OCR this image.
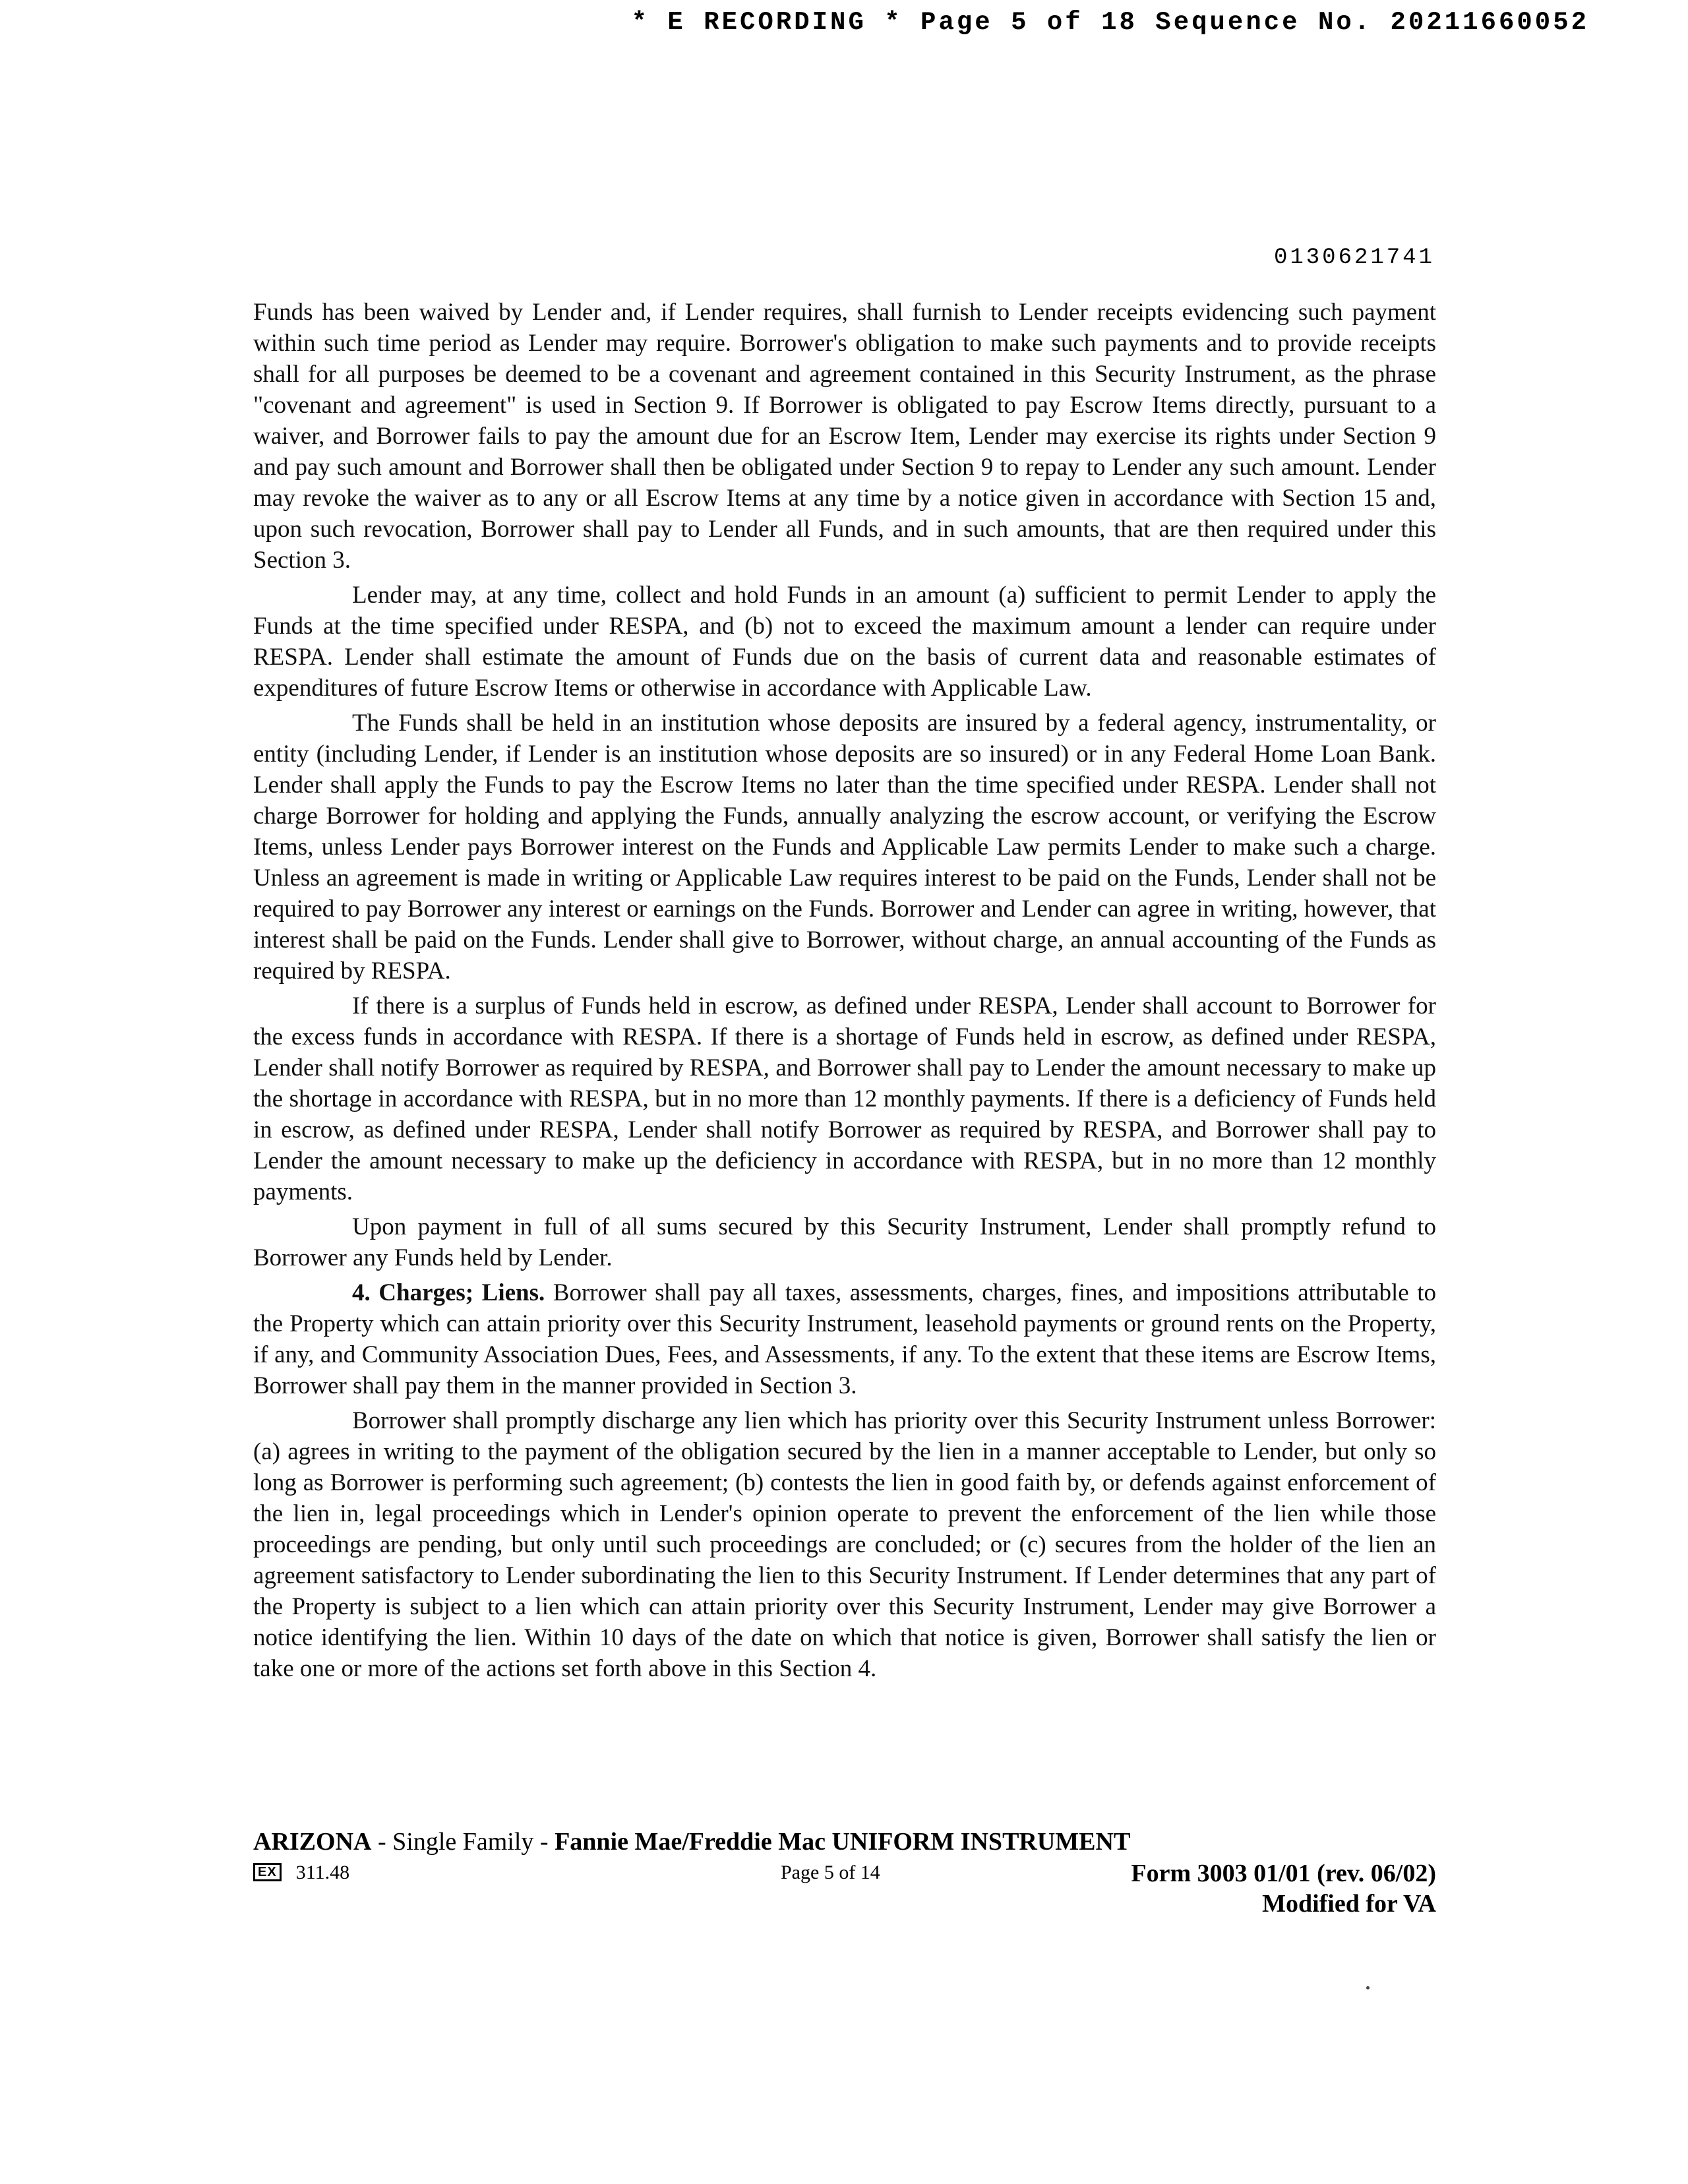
* E RECORDING * Page 5 of 18 Sequence No. 20211660052
0130621741

Funds has been waived by Lender and, if Lender requires, shall furnish to Lender receipts evidencing such payment within such time period as Lender may require. Borrower's obligation to make such payments and to provide receipts shall for all purposes be deemed to be a covenant and agreement contained in this Security Instrument, as the phrase "covenant and agreement" is used in Section 9. If Borrower is obligated to pay Escrow Items directly, pursuant to a waiver, and Borrower fails to pay the amount due for an Escrow Item, Lender may exercise its rights under Section 9 and pay such amount and Borrower shall then be obligated under Section 9 to repay to Lender any such amount. Lender may revoke the waiver as to any or all Escrow Items at any time by a notice given in accordance with Section 15 and, upon such revocation, Borrower shall pay to Lender all Funds, and in such amounts, that are then required under this Section 3.

Lender may, at any time, collect and hold Funds in an amount (a) sufficient to permit Lender to apply the Funds at the time specified under RESPA, and (b) not to exceed the maximum amount a lender can require under RESPA. Lender shall estimate the amount of Funds due on the basis of current data and reasonable estimates of expenditures of future Escrow Items or otherwise in accordance with Applicable Law.

The Funds shall be held in an institution whose deposits are insured by a federal agency, instrumentality, or entity (including Lender, if Lender is an institution whose deposits are so insured) or in any Federal Home Loan Bank. Lender shall apply the Funds to pay the Escrow Items no later than the time specified under RESPA. Lender shall not charge Borrower for holding and applying the Funds, annually analyzing the escrow account, or verifying the Escrow Items, unless Lender pays Borrower interest on the Funds and Applicable Law permits Lender to make such a charge. Unless an agreement is made in writing or Applicable Law requires interest to be paid on the Funds, Lender shall not be required to pay Borrower any interest or earnings on the Funds. Borrower and Lender can agree in writing, however, that interest shall be paid on the Funds. Lender shall give to Borrower, without charge, an annual accounting of the Funds as required by RESPA.

If there is a surplus of Funds held in escrow, as defined under RESPA, Lender shall account to Borrower for the excess funds in accordance with RESPA. If there is a shortage of Funds held in escrow, as defined under RESPA, Lender shall notify Borrower as required by RESPA, and Borrower shall pay to Lender the amount necessary to make up the shortage in accordance with RESPA, but in no more than 12 monthly payments. If there is a deficiency of Funds held in escrow, as defined under RESPA, Lender shall notify Borrower as required by RESPA, and Borrower shall pay to Lender the amount necessary to make up the deficiency in accordance with RESPA, but in no more than 12 monthly payments.

Upon payment in full of all sums secured by this Security Instrument, Lender shall promptly refund to Borrower any Funds held by Lender.

4. Charges; Liens. Borrower shall pay all taxes, assessments, charges, fines, and impositions attributable to the Property which can attain priority over this Security Instrument, leasehold payments or ground rents on the Property, if any, and Community Association Dues, Fees, and Assessments, if any. To the extent that these items are Escrow Items, Borrower shall pay them in the manner provided in Section 3.

Borrower shall promptly discharge any lien which has priority over this Security Instrument unless Borrower: (a) agrees in writing to the payment of the obligation secured by the lien in a manner acceptable to Lender, but only so long as Borrower is performing such agreement; (b) contests the lien in good faith by, or defends against enforcement of the lien in, legal proceedings which in Lender's opinion operate to prevent the enforcement of the lien while those proceedings are pending, but only until such proceedings are concluded; or (c) secures from the holder of the lien an agreement satisfactory to Lender subordinating the lien to this Security Instrument. If Lender determines that any part of the Property is subject to a lien which can attain priority over this Security Instrument, Lender may give Borrower a notice identifying the lien. Within 10 days of the date on which that notice is given, Borrower shall satisfy the lien or take one or more of the actions set forth above in this Section 4.

ARIZONA - Single Family - Fannie Mae/Freddie Mac UNIFORM INSTRUMENT
EX 311.48	Page 5 of 14	Form 3003 01/01 (rev. 06/02)
Modified for VA
